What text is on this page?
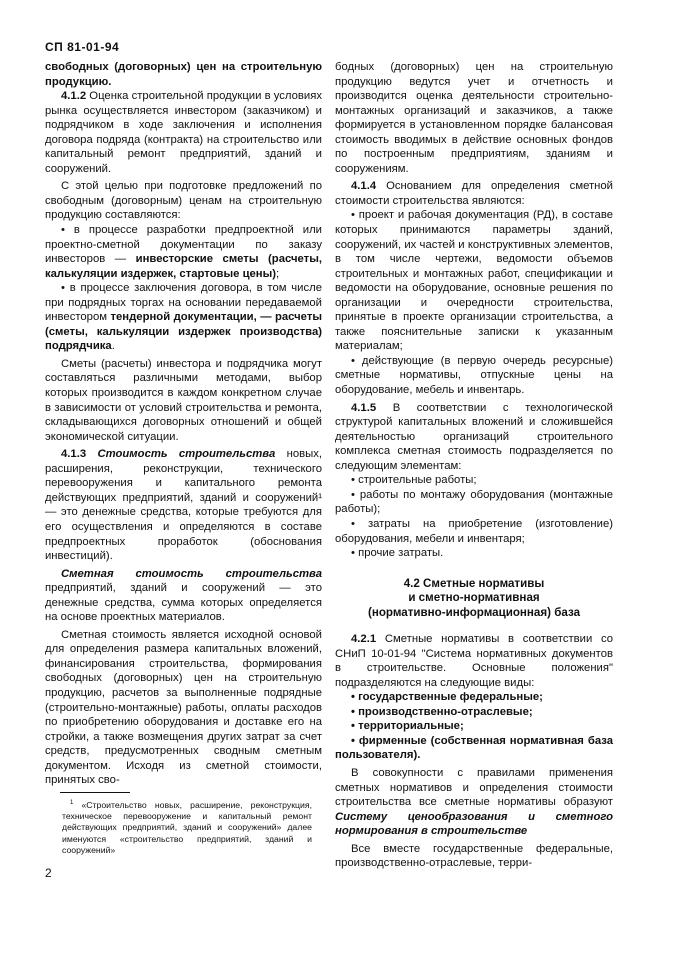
СП 81-01-94

свободных (договорных) цен на строительную продукцию.

4.1.2 Оценка строительной продукции в условиях рынка осуществляется инвестором (заказчиком) и подрядчиком в ходе заключения и исполнения договора подряда (контракта) на строительство или капитальный ремонт предприятий, зданий и сооружений.

С этой целью при подготовке предложений по свободным (договорным) ценам на строительную продукцию составляются:

• в процессе разработки предпроектной или проектно-сметной документации по заказу инвесторов — инвесторские сметы (расчеты, калькуляции издержек, стартовые цены);

• в процессе заключения договора, в том числе при подрядных торгах на основании передаваемой инвестором тендерной документации, — расчеты (сметы, калькуляции издержек производства) подрядчика.

Сметы (расчеты) инвестора и подрядчика могут составляться различными методами, выбор которых производится в каждом конкретном случае в зависимости от условий строительства и ремонта, складывающихся договорных отношений и общей экономической ситуации.

4.1.3 Стоимость строительства новых, расширения, реконструкции, технического перевооружения и капитального ремонта действующих предприятий, зданий и сооружений¹ — это денежные средства, которые требуются для его осуществления и определяются в составе предпроектных проработок (обоснования инвестиций).

Сметная стоимость строительства предприятий, зданий и сооружений — это денежные средства, сумма которых определяется на основе проектных материалов.

Сметная стоимость является исходной основой для определения размера капитальных вложений, финансирования строительства, формирования свободных (договорных) цен на строительную продукцию, расчетов за выполненные подрядные (строительно-монтажные) работы, оплаты расходов по приобретению оборудования и доставке его на стройки, а также возмещения других затрат за счет средств, предусмотренных сводным сметным документом. Исходя из сметной стоимости, принятых сво-

$^1$ «Строительство новых, расширение, реконструкция, техническое перевооружение и капитальный ремонт действующих предприятий, зданий и сооружений» далее именуются «строительство предприятий, зданий и сооружений»
2

бодных (договорных) цен на строительную продукцию ведутся учет и отчетность и производится оценка деятельности строительно-монтажных организаций и заказчиков, а также формируется в установленном порядке балансовая стоимость вводимых в действие основных фондов по построенным предприятиям, зданиям и сооружениям.

4.1.4 Основанием для определения сметной стоимости строительства являются:

• проект и рабочая документация (РД), в составе которых принимаются параметры зданий, сооружений, их частей и конструктивных элементов, в том числе чертежи, ведомости объемов строительных и монтажных работ, спецификации и ведомости на оборудование, основные решения по организации и очередности строительства, принятые в проекте организации строительства, а также пояснительные записки к указанным материалам;

• действующие (в первую очередь ресурсные) сметные нормативы, отпускные цены на оборудование, мебель и инвентарь.

4.1.5 В соответствии с технологической структурой капитальных вложений и сложившейся деятельностью организаций строительного комплекса сметная стоимость подразделяется по следующим элементам:

• строительные работы;

• работы по монтажу оборудования (монтажные работы);

• затраты на приобретение (изготовление) оборудования, мебели и инвентаря;

• прочие затраты.

4.2 Сметные нормативы
и сметно-нормативная
(нормативно-информационная) база

4.2.1 Сметные нормативы в соответствии со СНиП 10-01-94 "Система нормативных документов в строительстве. Основные положения" подразделяются на следующие виды:

• государственные федеральные;

• производственно-отраслевые;

• территориальные;

• фирменные (собственная нормативная база пользователя).

В совокупности с правилами применения сметных нормативов и определения стоимости строительства все сметные нормативы образуют Систему ценообразования и сметного нормирования в строительстве

Все вместе государственные федеральные, производственно-отраслевые, терри-
